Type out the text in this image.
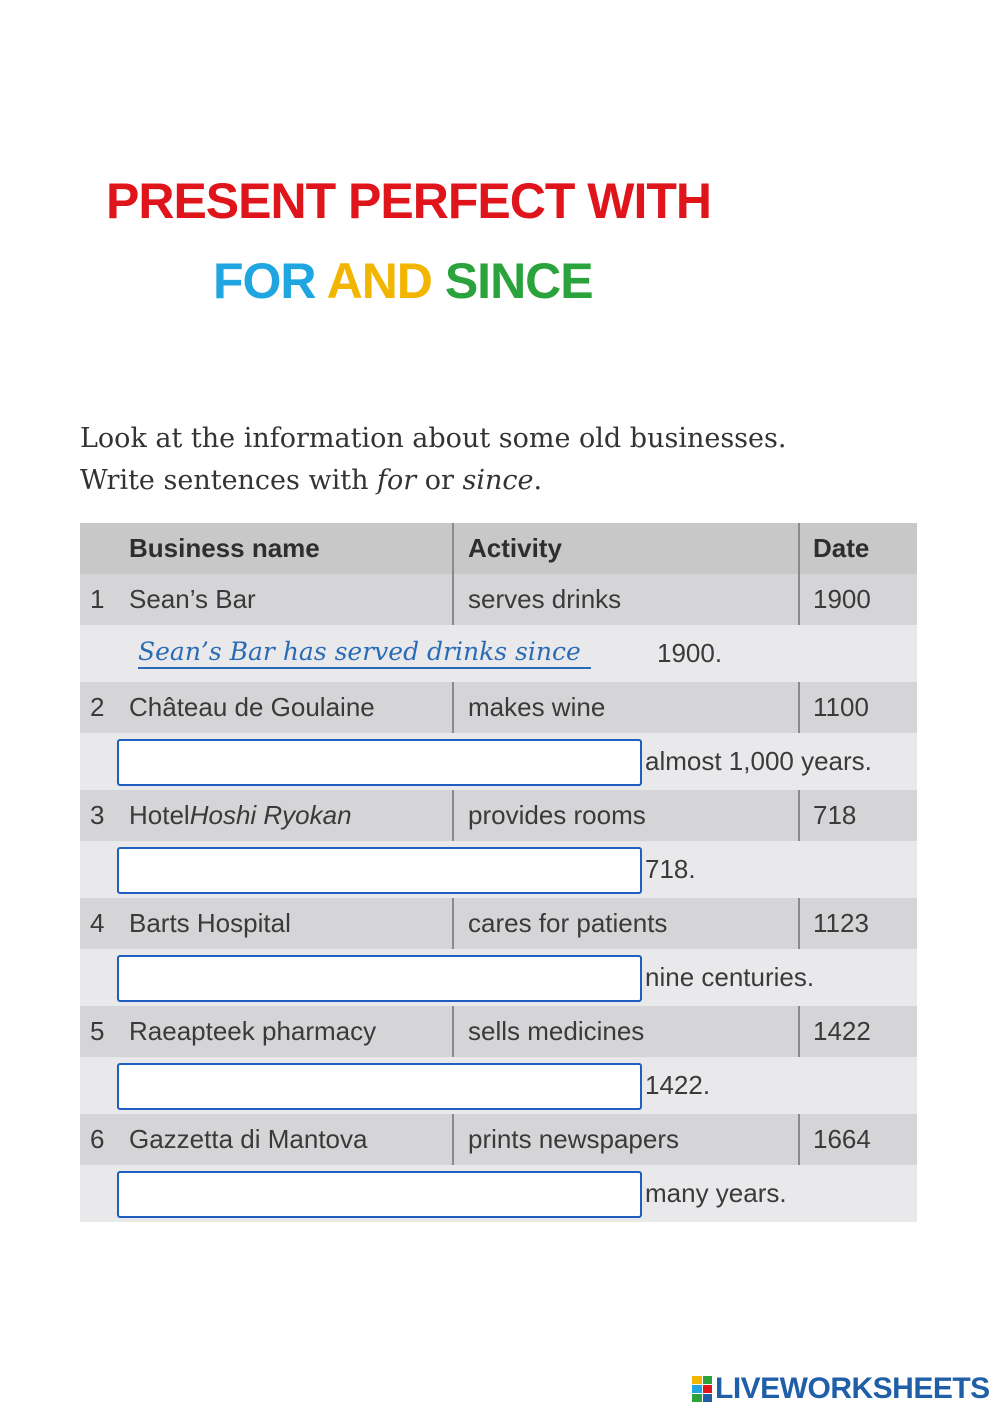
PRESENT PERFECT WITH
FOR AND SINCE
Look at the information about some old businesses.
Write sentences with for or since.
Business name	Activity	Date
1 Sean’s Bar	serves drinks	1900
Sean’s Bar has served drinks since	1900.
2 Château de Goulaine	makes wine	1100
almost 1,000 years.
3 Hotel Hoshi Ryokan	provides rooms	718
718.
4 Barts Hospital	cares for patients	1123
nine centuries.
5 Raeapteek pharmacy	sells medicines	1422
1422.
6 Gazzetta di Mantova	prints newspapers	1664
many years.
LIVEWORKSHEETS
